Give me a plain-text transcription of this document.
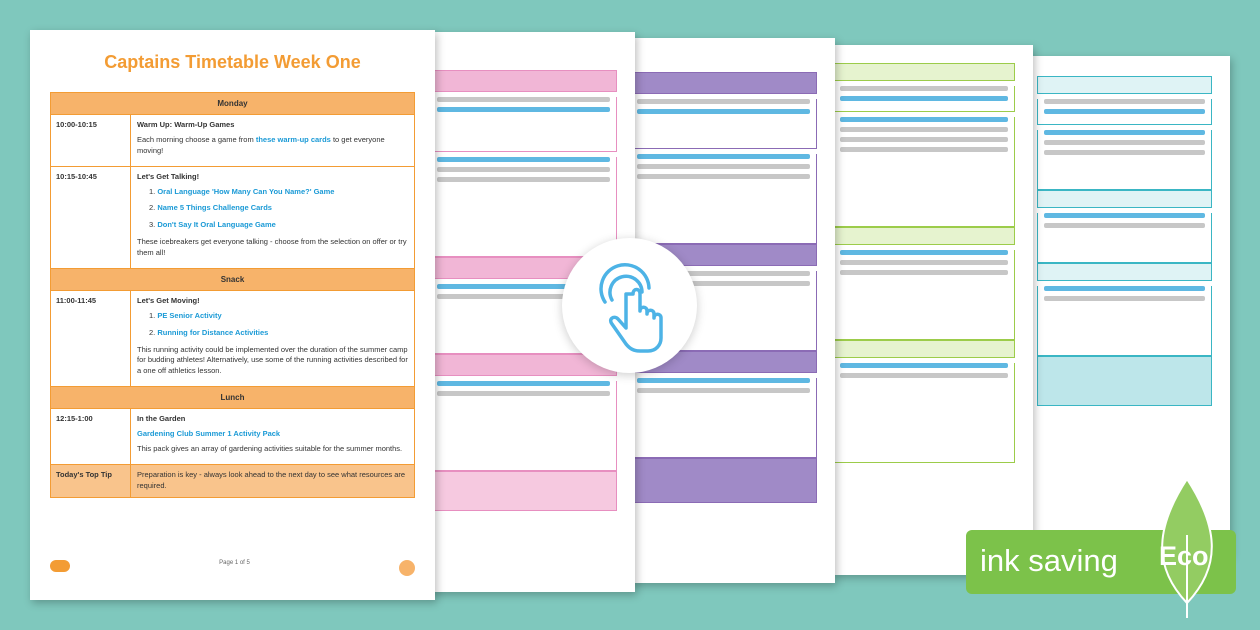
Captains Timetable Week One
Monday
10:00-10:15	Warm Up: Warm-Up Games

Each morning choose a game from these warm-up cards to get everyone moving!

10:15-10:45	Let's Get Talking!
1. Oral Language 'How Many Can You Name?' Game
2. Name 5 Things Challenge Cards
3. Don't Say It Oral Language Game

These icebreakers get everyone talking - choose from the selection on offer or try them all!

Snack
11:00-11:45	Let's Get Moving!
1. PE Senior Activity
2. Running for Distance Activities

This running activity could be implemented over the duration of the summer camp for budding athletes! Alternatively, use some of the running activities described for a one off athletics lesson.

Lunch
12:15-1:00	In the Garden

Gardening Club Summer 1 Activity Pack

This pack gives an array of gardening activities suitable for the summer months.

Today's Top Tip	Preparation is key - always look ahead to the next day to see what resources are required.
Page 1 of 5	ink saving Eco
